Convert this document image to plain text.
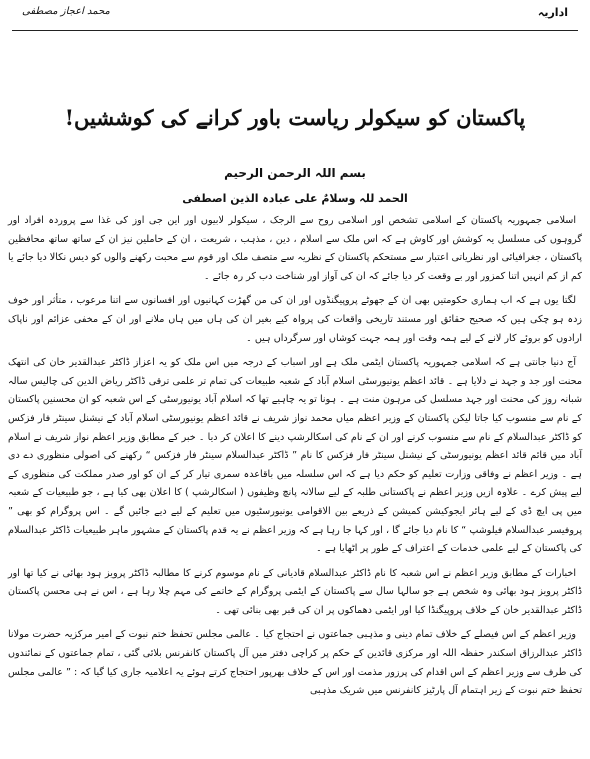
اداریہ
محمد اعجاز مصطفی
پاکستان کو سیکولر ریاست باور کرانے کی کوششیں!
بسم اللہ الرحمن الرحیم
الحمد للہ وسلامٌ علی عبادہ الذین اصطفی

اسلامی جمہوریہ پاکستان کے اسلامی تشخص اور اسلامی روح سے الرجک ، سیکولر لابیوں اور این جی اوز کی غذا سے پروردہ افراد اور گروہوں کی مسلسل یہ کوشش اور کاوش ہے کہ اس ملک سے اسلام ، دین ، مذہب ، شریعت ، ان کے حاملین نیز ان کے ساتھ ساتھ محافظین پاکستان ، جغرافیائی اور نظریاتی اعتبار سے مستحکم پاکستان کے نظریہ سے متصف ملک اور قوم سے محبت رکھنے والوں کو دیس نکالا دیا جائے یا کم از کم انہیں اتنا کمزور اور بے وقعت کر دیا جائے کہ ان کی آواز اور شناخت دب کر رہ جائے ۔

لگتا یوں ہے کہ اب ہماری حکومتیں بھی ان کے جھوٹے پروپیگنڈوں اور ان کی من گھڑت کہانیوں اور افسانوں سے اتنا مرعوب ، متأثر اور خوف زدہ ہو چکی ہیں کہ صحیح حقائق اور مستند تاریخی واقعات کی پرواہ کیے بغیر ان کی ہاں میں ہاں ملانے اور ان کے مخفی عزائم اور ناپاک ارادوں کو بروئے کار لانے کے لیے ہمہ وقت اور ہمہ جہت کوشاں اور سرگرداں ہیں ۔

آج دنیا جانتی ہے کہ اسلامی جمہوریہ پاکستان ایٹمی ملک ہے اور اسباب کے درجہ میں اس ملک کو یہ اعزاز ڈاکٹر عبدالقدیر خان کی انتھک محنت اور جد و جہد نے دلایا ہے ۔ قائد اعظم یونیورسٹی اسلام آباد کے شعبہ طبیعات کی تمام تر علمی ترقی ڈاکٹر ریاض الدین کی چالیس سالہ شبانہ روز کی محنت اور جہد مسلسل کی مرہون منت ہے ۔ ہونا تو یہ چاہیے تھا کہ اسلام آباد یونیورسٹی کے اس شعبہ کو ان محسنین پاکستان کے نام سے منسوب کیا جاتا لیکن پاکستان کے وزیر اعظم میاں محمد نواز شریف نے قائد اعظم یونیورسٹی اسلام آباد کے نیشنل سینٹر فار فزکس کو ڈاکٹر عبدالسلام کے نام سے منسوب کرنے اور ان کے نام کی اسکالرشپ دینے کا اعلان کر دیا ۔ خبر کے مطابق وزیر اعظم نواز شریف نے اسلام آباد میں قائم قائد اعظم یونیورسٹی کے نیشنل سینٹر فار فزکس کا نام ” ڈاکٹر عبدالسلام سینٹر فار فزکس “ رکھنے کی اصولی منظوری دے دی ہے ۔ وزیر اعظم نے وفاقی وزارت تعلیم کو حکم دیا ہے کہ اس سلسلہ میں باقاعدہ سمری تیار کر کے ان کو اور صدر مملکت کی منظوری کے لیے پیش کرے ۔ علاوہ ازیں وزیر اعظم نے پاکستانی طلبہ کے لیے سالانہ پانچ وظیفوں ( اسکالرشپ ) کا اعلان بھی کیا ہے ، جو طبیعیات کے شعبہ میں پی ایچ ڈی کے لیے ہائر ایجوکیشن کمیشن کے ذریعے بین الاقوامی یونیورسٹیوں میں تعلیم کے لیے دیے جائیں گے ۔ اس پروگرام کو بھی ” پروفیسر عبدالسلام فیلوشپ “ کا نام دیا جائے گا ، اور کہا جا رہا ہے کہ وزیر اعظم نے یہ قدم پاکستان کے مشہور ماہر طبیعیات ڈاکٹر عبدالسلام کی پاکستان کے لیے علمی خدمات کے اعتراف کے طور پر اٹھایا ہے ۔

اخبارات کے مطابق وزیر اعظم نے اس شعبہ کا نام ڈاکٹر عبدالسلام قادیانی کے نام موسوم کرنے کا مطالبہ ڈاکٹر پرویز ہود بھائی نے کیا تھا اور ڈاکٹر پرویز ہود بھائی وہ شخص ہے جو سالہا سال سے پاکستان کے ایٹمی پروگرام کے خاتمے کی مہم چلا رہا ہے ، اس نے ہی محسن پاکستان ڈاکٹر عبدالقدیر خان کے خلاف پروپیگنڈا کیا اور ایٹمی دھماکوں پر ان کی قبر بھی بنائی تھی ۔

وزیر اعظم کے اس فیصلے کے خلاف تمام دینی و مذہبی جماعتوں نے احتجاج کیا ۔ عالمی مجلس تحفظ ختم نبوت کے امیر مرکزیہ حضرت مولانا ڈاکٹر عبدالرزاق اسکندر حفظہ اللہ اور مرکزی قائدین کے حکم پر کراچی دفتر میں آل پاکستان کانفرنس بلائی گئی ، تمام جماعتوں کے نمائندوں کی طرف سے وزیر اعظم کے اس اقدام کی پرزور مذمت اور اس کے خلاف بھرپور احتجاج کرتے ہوئے یہ اعلامیہ جاری کیا گیا کہ : ” عالمی مجلس تحفظ ختم نبوت کے زیر اہتمام آل پارٹیز کانفرنس میں شریک مذہبی
